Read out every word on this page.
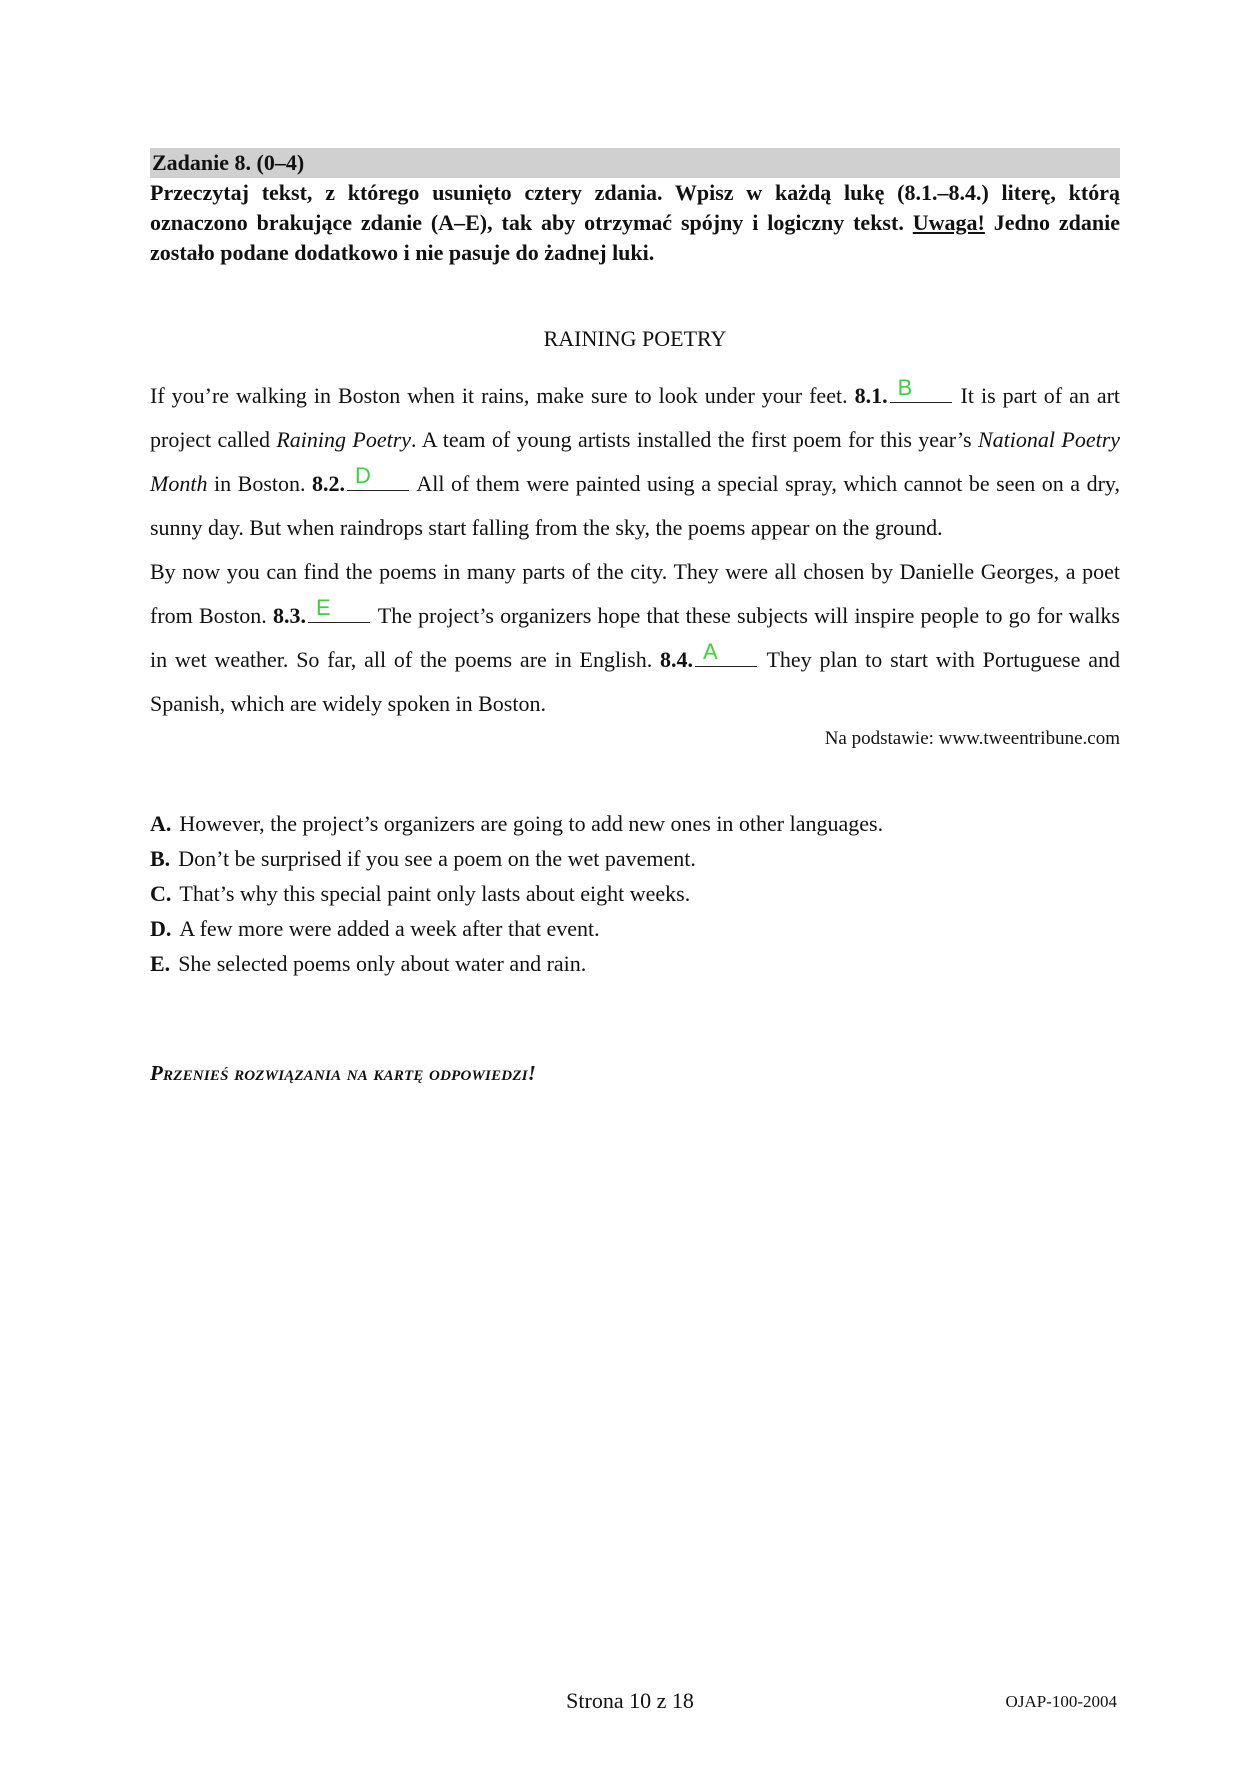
Zadanie 8. (0–4)

Przeczytaj tekst, z którego usunięto cztery zdania. Wpisz w każdą lukę (8.1.–8.4.) literę, którą oznaczono brakujące zdanie (A–E), tak aby otrzymać spójny i logiczny tekst. Uwaga! Jedno zdanie zostało podane dodatkowo i nie pasuje do żadnej luki.

RAINING POETRY

If you’re walking in Boston when it rains, make sure to look under your feet. 8.1. B It is part of an art project called Raining Poetry. A team of young artists installed the first poem for this year’s National Poetry Month in Boston. 8.2. D All of them were painted using a special spray, which cannot be seen on a dry, sunny day. But when raindrops start falling from the sky, the poems appear on the ground.

By now you can find the poems in many parts of the city. They were all chosen by Danielle Georges, a poet from Boston. 8.3. E The project’s organizers hope that these subjects will inspire people to go for walks in wet weather. So far, all of the poems are in English. 8.4. A They plan to start with Portuguese and Spanish, which are widely spoken in Boston.

Na podstawie: www.tweentribune.com
A. However, the project’s organizers are going to add new ones in other languages.
B. Don’t be surprised if you see a poem on the wet pavement.
C. That’s why this special paint only lasts about eight weeks.
D. A few more were added a week after that event.
E. She selected poems only about water and rain.
Przenieś rozwiązania na kartę odpowiedzi!
Strona 10 z 18	OJAP-100-2004
